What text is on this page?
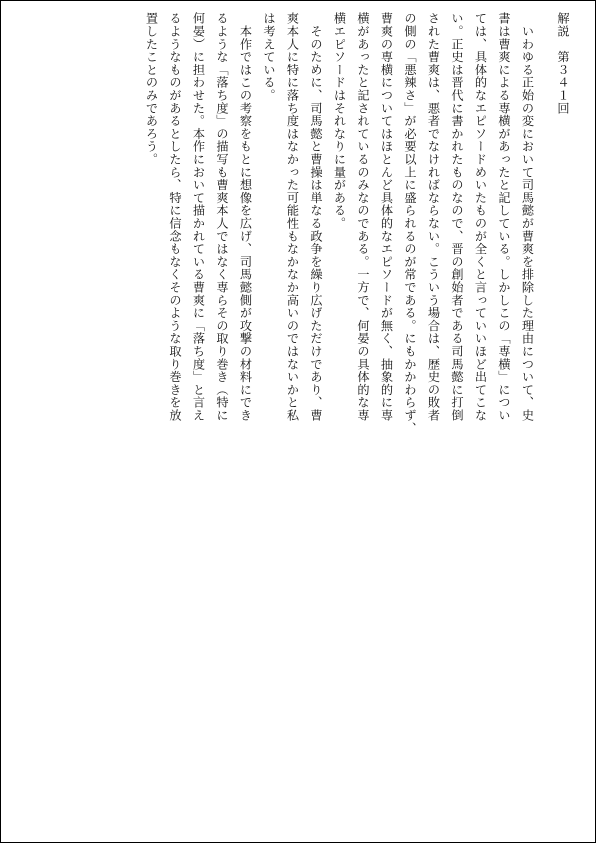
解説　第３４１回
　いわゆる正始の変において司馬懿が曹爽を排除した理由について、史
書は曹爽による専横があったと記している。しかしこの「専横」につい
ては、具体的なエピソードめいたものが全くと言っていいほど出てこな
い。正史は晋代に書かれたものなので、晋の創始者である司馬懿に打倒
された曹爽は、悪者でなければならない。こういう場合は、歴史の敗者
の側の「悪辣さ」が必要以上に盛られるのが常である。にもかかわらず、
曹爽の専横についてはほとんど具体的なエピソードが無く、抽象的に専
横があったと記されているのみなのである。一方で、何晏の具体的な専
横エピソードはそれなりに量がある。
　そのために、司馬懿と曹操は単なる政争を繰り広げただけであり、曹
爽本人に特に落ち度はなかった可能性もなかなか高いのではないかと私
は考えている。
　本作ではこの考察をもとに想像を広げ、司馬懿側が攻撃の材料にでき
るような「落ち度」の描写も曹爽本人ではなく専らその取り巻き（特に
何晏）に担わせた。本作において描かれている曹爽に「落ち度」と言え
るようなものがあるとしたら、特に信念もなくそのような取り巻きを放
置したことのみであろう。
